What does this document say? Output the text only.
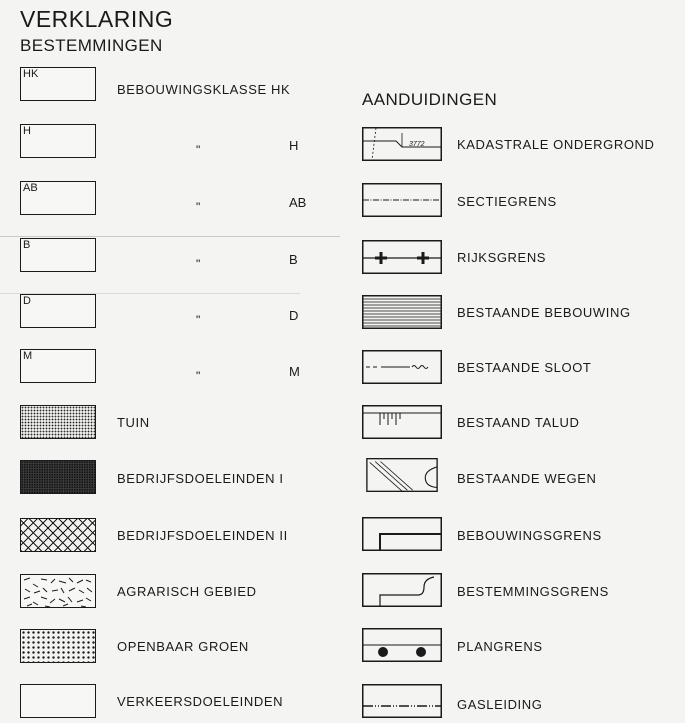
VERKLARING
BESTEMMINGEN
AANDUIDINGEN
HK
BEBOUWINGSKLASSE HK
H
"	H
AB
"	AB
B
"	B
D
"	D
M
"	M
TUIN
BEDRIJFSDOELEINDEN I
BEDRIJFSDOELEINDEN II
AGRARISCH GEBIED
OPENBAAR GROEN
VERKEERSDOELEINDEN
3772 KADASTRALE ONDERGROND
SECTIEGRENS
RIJKSGRENS
BESTAANDE BEBOUWING
BESTAANDE SLOOT
BESTAAND TALUD
BESTAANDE WEGEN
BEBOUWINGSGRENS
BESTEMMINGSGRENS
PLANGRENS
GASLEIDING
